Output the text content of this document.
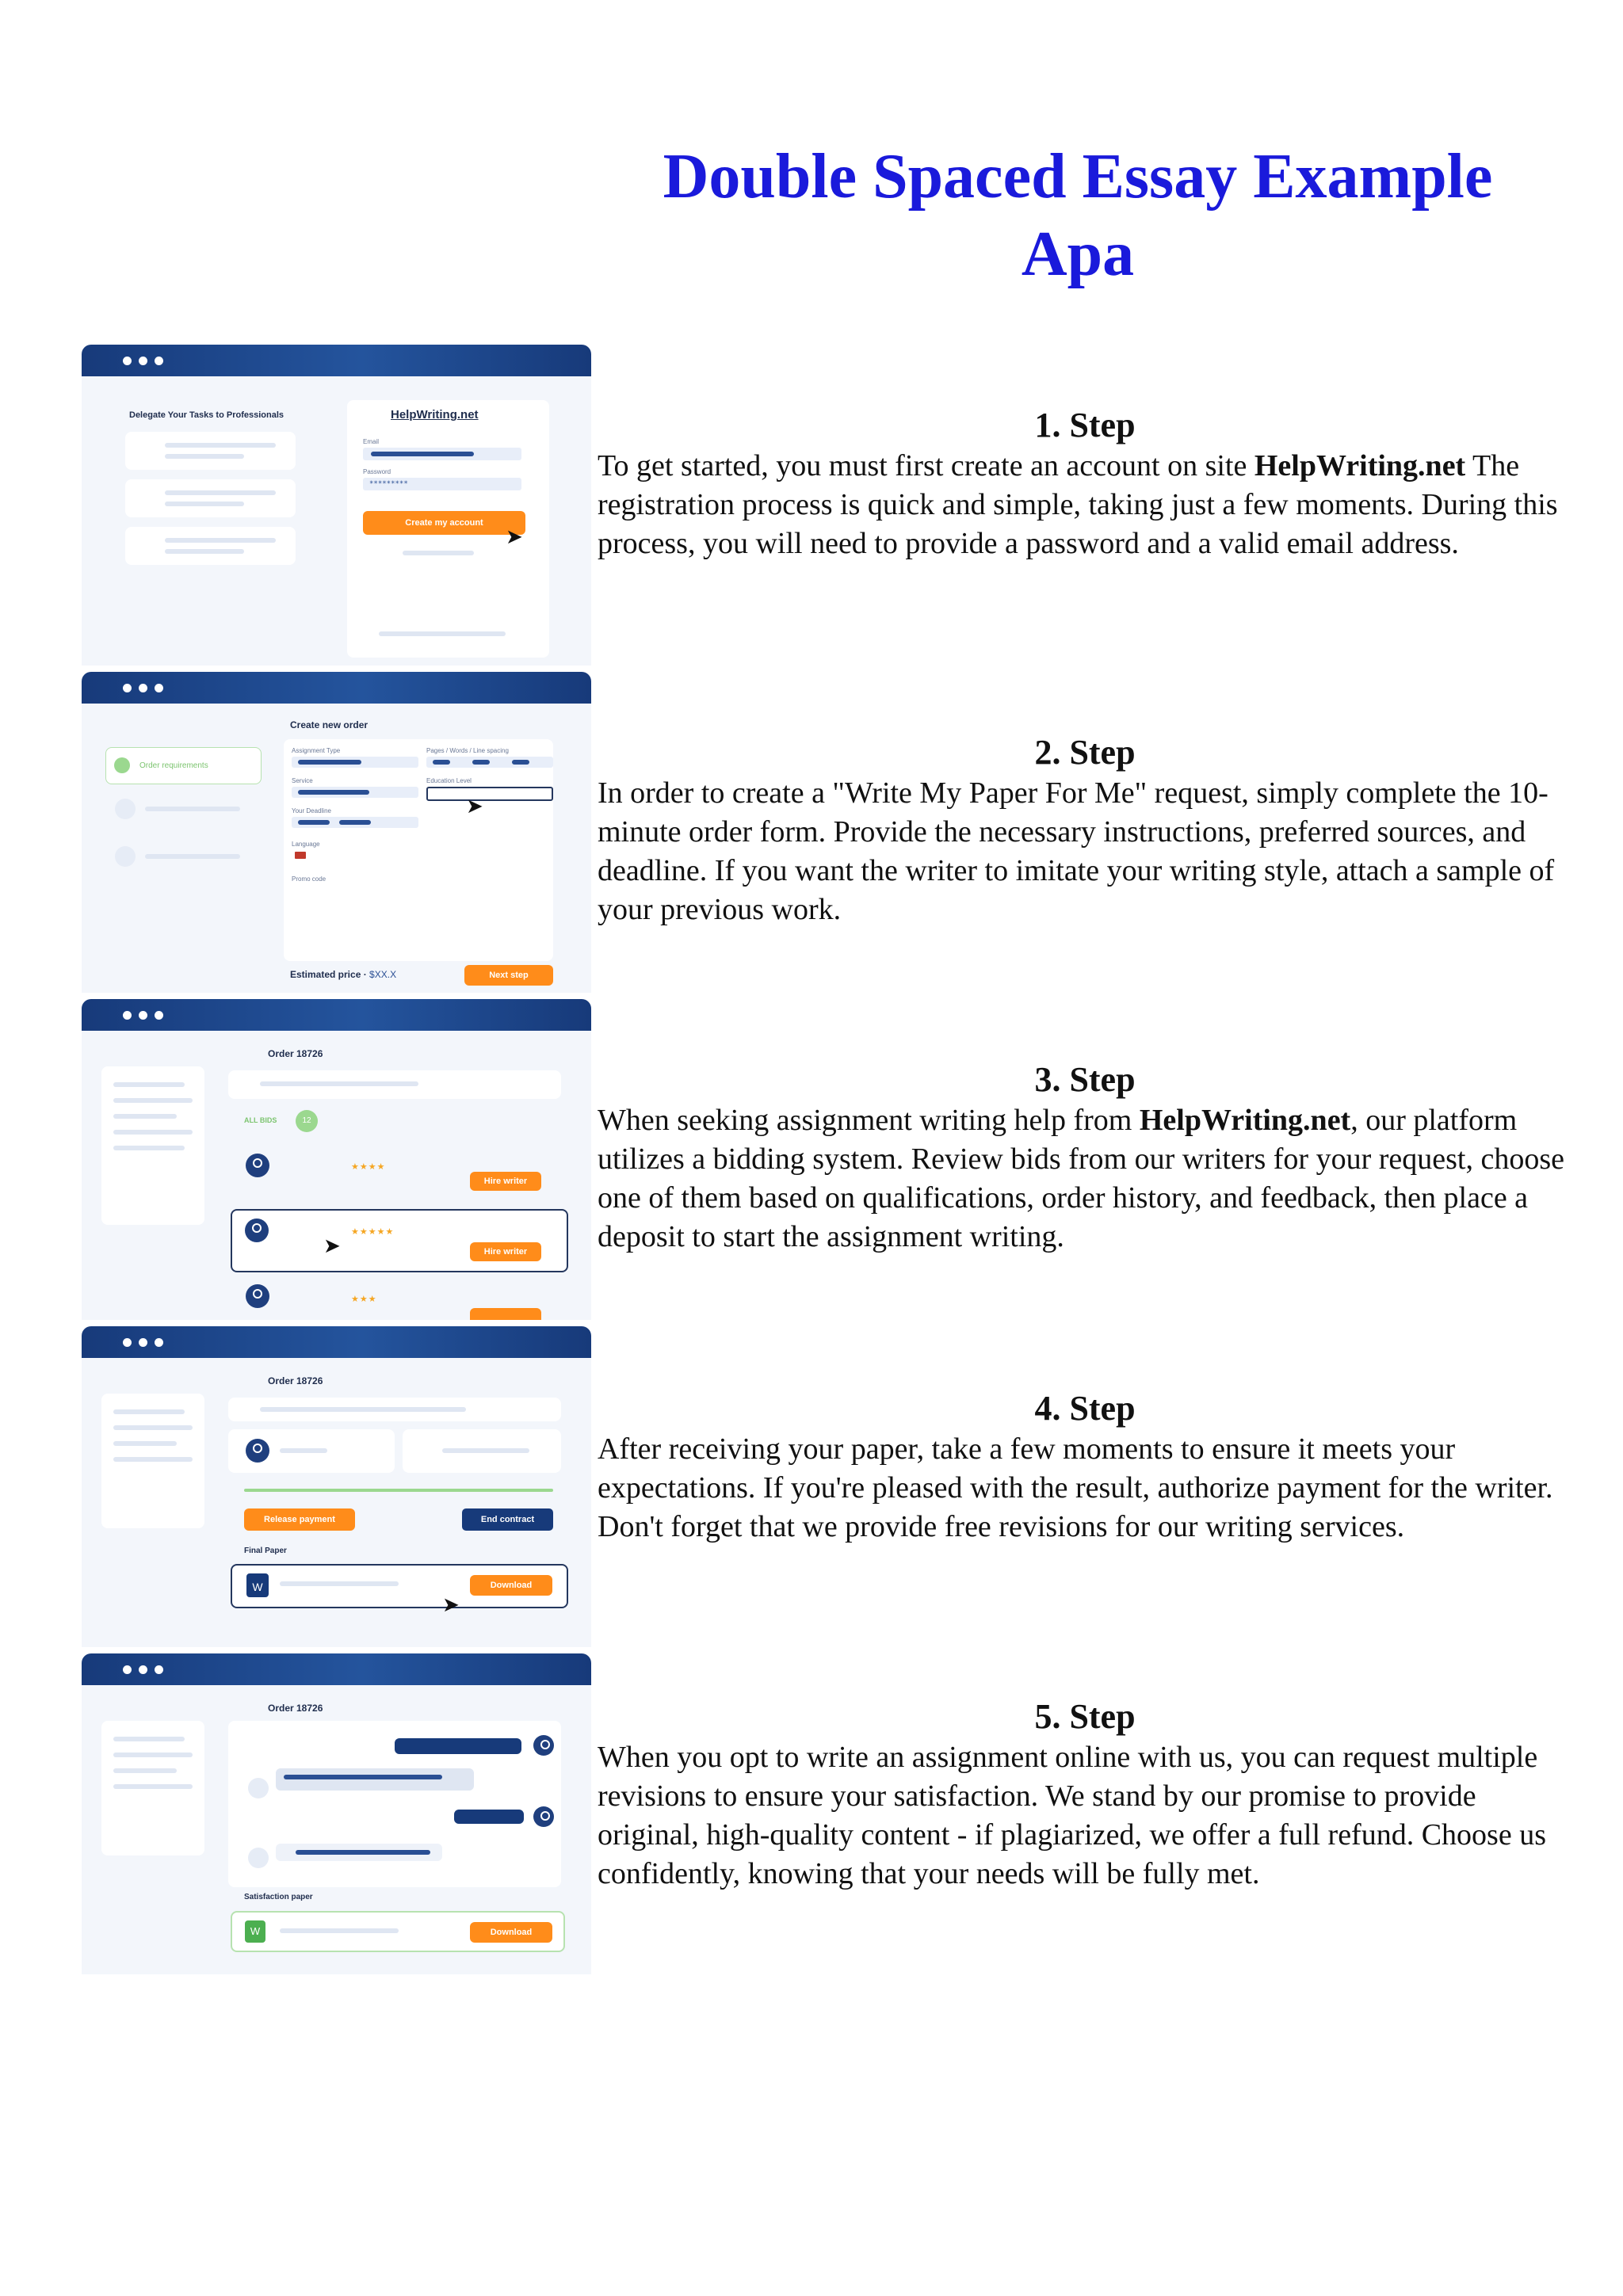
Double Spaced Essay Example Apa
Delegate Your Tasks to Professionals	HelpWriting.net
Email
Password
*********
Create my account
➤
Order requirements
Create new order
Assignment Type	Pages / Words / Line spacing
Service	Education Level
➤
Your Deadline
Language
Promo code
Estimated price · $XX.X	Next step
Order 18726
ALL BIDS	12
★★★★
Hire writer
★★★★★
Hire writer
➤
★★★
Order 18726
Release payment	End contract
Final Paper
W	Download
➤
Order 18726
Satisfaction paper
W	Download
1. Step

To get started, you must first create an account on site HelpWriting.net The registration process is quick and simple, taking just a few moments. During this process, you will need to provide a password and a valid email address.

2. Step

In order to create a "Write My Paper For Me" request, simply complete the 10-minute order form. Provide the necessary instructions, preferred sources, and deadline. If you want the writer to imitate your writing style, attach a sample of your previous work.

3. Step

When seeking assignment writing help from HelpWriting.net, our platform utilizes a bidding system. Review bids from our writers for your request, choose one of them based on qualifications, order history, and feedback, then place a deposit to start the assignment writing.

4. Step

After receiving your paper, take a few moments to ensure it meets your expectations. If you're pleased with the result, authorize payment for the writer. Don't forget that we provide free revisions for our writing services.

5. Step

When you opt to write an assignment online with us, you can request multiple revisions to ensure your satisfaction. We stand by our promise to provide original, high-quality content - if plagiarized, we offer a full refund. Choose us confidently, knowing that your needs will be fully met.
